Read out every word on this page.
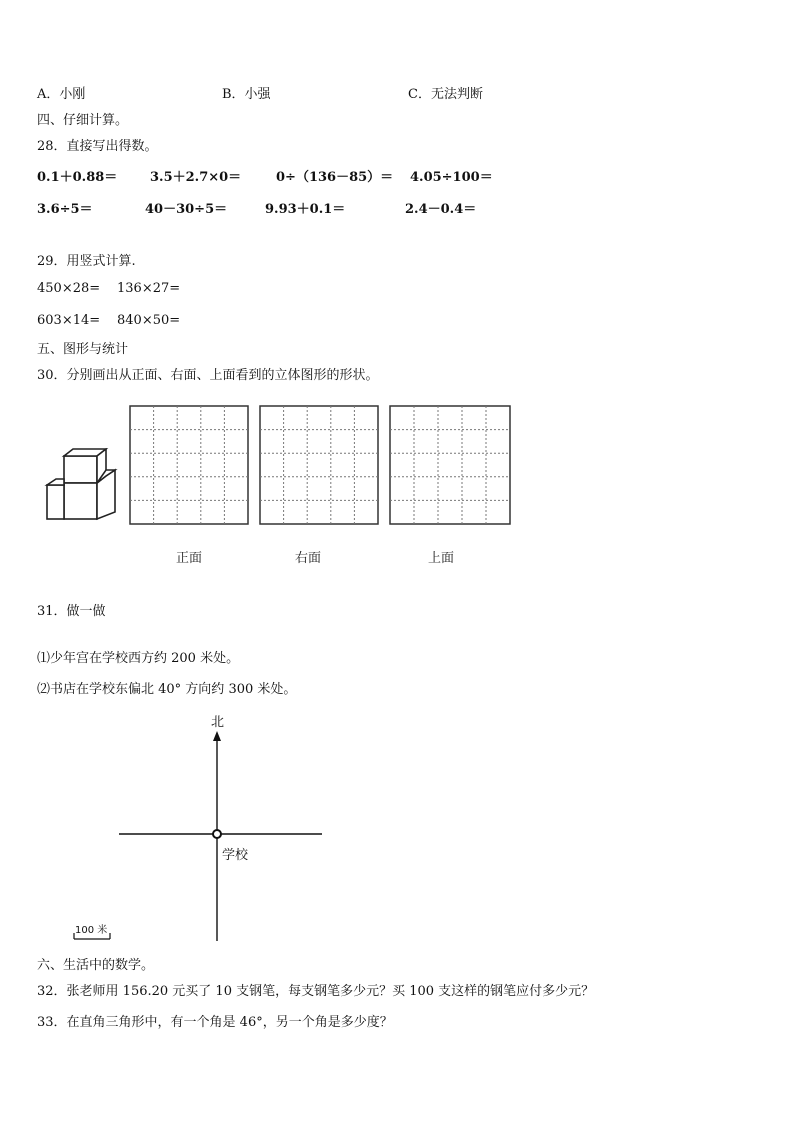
A．小刚	B．小强	C．无法判断
四、仔细计算。
28．直接写出得数。
0.1＋0.88＝	3.5＋2.7×0＝	0÷（136－85）＝ 4.05÷100＝
3.6÷5＝	40－30÷5＝	9.93＋0.1＝	2.4－0.4＝
29．用竖式计算.
450×28= 136×27=
603×14= 840×50=
五、图形与统计
30．分别画出从正面、右面、上面看到的立体图形的形状。
正面	右面	上面
31．做一做
⑴少年宫在学校西方约 200 米处。
⑵书店在学校东偏北 40° 方向约 300 米处。
北
学校
100 米
六、生活中的数学。
32．张老师用 156.20 元买了 10 支钢笔，每支钢笔多少元？买 100 支这样的钢笔应付多少元？
33．在直角三角形中，有一个角是 46°，另一个角是多少度？
